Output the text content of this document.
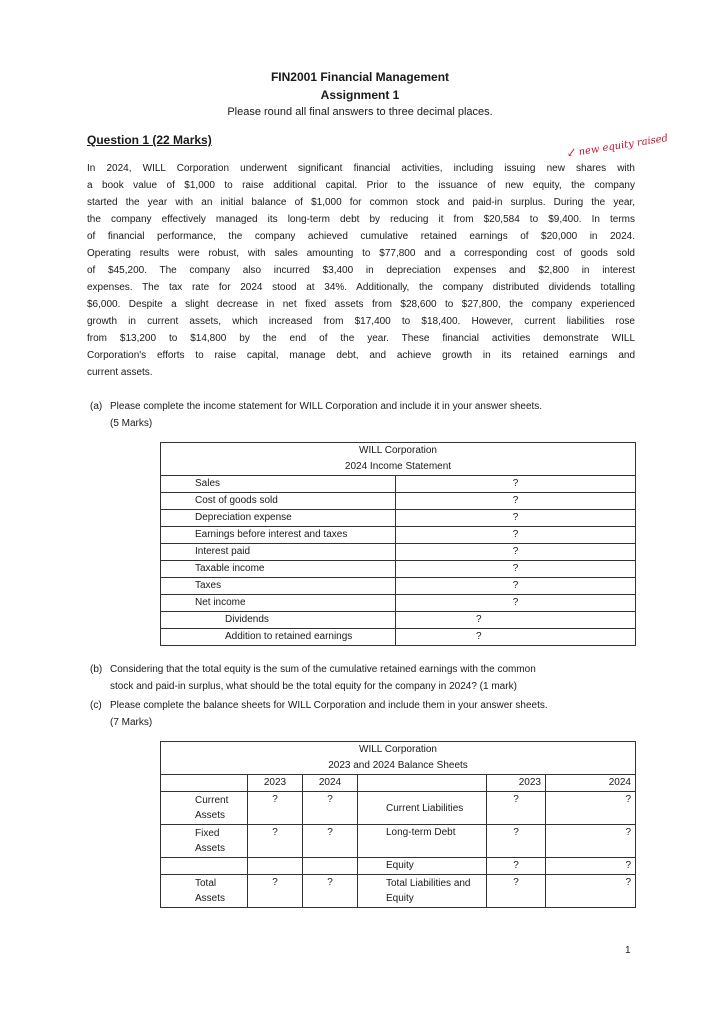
FIN2001 Financial Management
Assignment 1
Please round all final answers to three decimal places.
Question 1 (22 Marks)
↙new equity raised
In 2024, WILL Corporation underwent significant financial activities, including issuing new shares with
a book value of $1,000 to raise additional capital. Prior to the issuance of new equity, the company
started the year with an initial balance of $1,000 for common stock and paid-in surplus. During the year,
the company effectively managed its long-term debt by reducing it from $20,584 to $9,400. In terms
of financial performance, the company achieved cumulative retained earnings of $20,000 in 2024.
Operating results were robust, with sales amounting to $77,800 and a corresponding cost of goods sold
of $45,200. The company also incurred $3,400 in depreciation expenses and $2,800 in interest
expenses. The tax rate for 2024 stood at 34%. Additionally, the company distributed dividends totalling
$6,000. Despite a slight decrease in net fixed assets from $28,600 to $27,800, the company experienced
growth in current assets, which increased from $17,400 to $18,400. However, current liabilities rose
from $13,200 to $14,800 by the end of the year. These financial activities demonstrate WILL
Corporation's efforts to raise capital, manage debt, and achieve growth in its retained earnings and
current assets.
(a) Please complete the income statement for WILL Corporation and include it in your answer sheets.
(5 Marks)
WILL Corporation		
2024 Income Statement		
	Sales	?
	Cost of goods sold	?
	Depreciation expense	?
	Earnings before interest and taxes	?
	Interest paid	?
	Taxable income	?
	Taxes	?
	Net income	?
	Dividends	?
	Addition to retained earnings	?
(b) Considering that the total equity is the sum of the cumulative retained earnings with the common
stock and paid-in surplus, what should be the total equity for the company in 2024? (1 mark)
(c) Please complete the balance sheets for WILL Corporation and include them in your answer sheets.
(7 Marks)
WILL Corporation						
2023 and 2024 Balance Sheets						
		2023	2024		2023	2024
	Current Assets	?	?	Current Liabilities	?	?
	Fixed Assets	?	?	Long-term Debt	?	?
				Equity	?	?
	Total Assets	?	?	Total Liabilities and Equity	?	?
1
